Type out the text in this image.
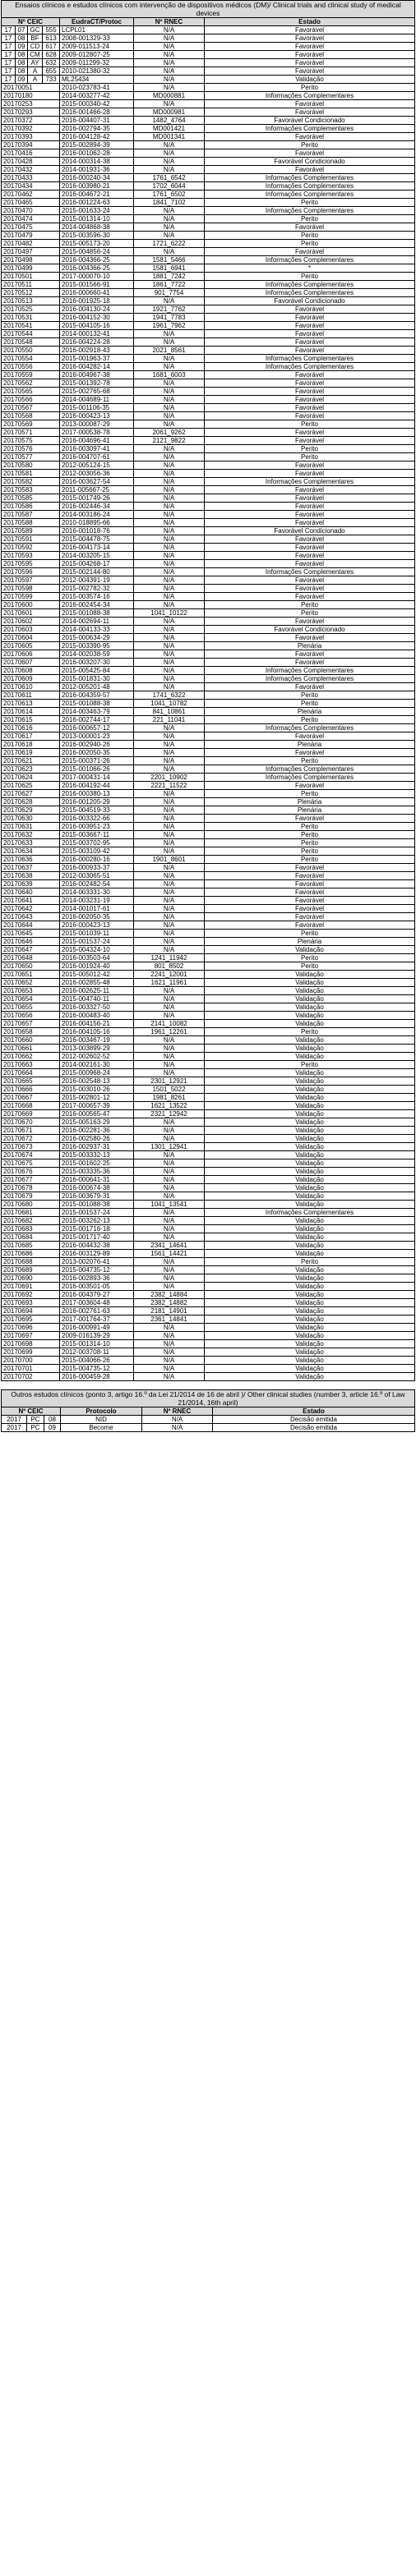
Ensaios clínicos e estudos clínicos com intervenção de dispositivos médicos (DM)/ Clinical trials and clinical study of medical devices						
Nº CEIC				EudraCT/Protoc	Nº RNEC	Estado
17	07	GC	555	LCPL01	N/A	Favorável
17	08	BF	613	2008-001329-33	N/A	Favorável
17	09	CD	617	2009-011513-24	N/A	Favorável
17	08	CM	628	2009-012807-25	N/A	Favorável
17	08	AY	632	2009-011299-32	N/A	Favorável
17	08	A	655	2010-021380-32	N/A	Favorável
17	09	A	733	ML25434	N/A	Validação
20170051				2010-023783-41	N/A	Perito
20170180				2014-003277-42	MD000881	Informações Complementares
20170253				2015-000340-42	N/A	Favorável
20170293				2016-001466-28	MD000981	Favorável
20170372				2016-004407-31	1482_4764	Favorável Condicionado
20170392				2016-002794-35	MD001421	Informações Complementares
20170393				2016-004128-42	MD001341	Favorável
20170394				2015-002894-39	N/A	Perito
20170416				2016-001062-28	N/A	Favorável
20170428				2014-000314-38	N/A	Favorável Condicionado
20170432				2014-001931-36	N/A	Favorável
20170433				2016-000240-34	1761_6542	Informações Complementares
20170434				2016-003980-21	1702_6044	Informações Complementares
20170462				2016-004672-21	1761_6502	Informações Complementares
20170465				2016-001224-63	1841_7102	Perito
20170470				2015-001633-24	N/A	Informações Complementares
20170474				2015-001314-10	N/A	Perito
20170475				2014-004868-38	N/A	Favorável
20170479				2015-003596-30	N/A	Perito
20170482				2015-005173-20	1721_6222	Perito
20170497				2015-004856-24	N/A	Favorável
20170498				2016-004366-25	1581_5466	Informações Complementares
20170499				2016-004366-25	1581_6941	*
20170501				2017-000070-10	1881_7242	Perito
20170511				2015-001566-91	1861_7722	Informações Complementares
20170512				2016-000660-41	901_7754	Informações Complementares
20170513				2016-001925-18	N/A	Favorável Condicionado
20170525				2016-004130-24	1921_7762	Favorável
20170531				2016-004152-30	1941_7783	Favorável
20170541				2015-004105-16	1961_7962	Favorável
20170544				2014-000132-41	N/A	Favorável
20170548				2016-004224-28	N/A	Favorável
20170550				2016-002918-43	2021_8561	Favorável
20170554				2015-001963-37	N/A	Informações Complementares
20170556				2016-004282-14	N/A	Informações Complementares
20170559				2016-004967-38	1681_6003	Favorável
20170562				2015-001392-78	N/A	Favorável
20170565				2015-002765-68	N/A	Favorável
20170566				2014-004689-11	N/A	Favorável
20170567				2015-001106-35	N/A	Favorável
20170568				2016-000423-13	N/A	Favorável
20170569				2013-000087-29	N/A	Perito
20170571				2017-000538-78	2061_9262	Favorável
20170575				2016-004696-41	2121_9822	Favorável
20170576				2016-003097-41	N/A	Perito
20170577				2016-004707-61	N/A	Perito
20170580				2012-005124-15	N/A	Favorável
20170581				2012-003056-36	N/A	Favorável
20170582				2016-003627-54	N/A	Informações Complementares
20170583				2011-005667-25	N/A	Favorável
20170585				2015-001749-26	N/A	Favorável
20170586				2016-002446-34	N/A	Favorável
20170587				2014-003186-24	N/A	Favorável
20170588				2010-018895-66	N/A	Favorável
20170589				2016-001018-76	N/A	Favorável Condicionado
20170591				2015-004478-75	N/A	Favorável
20170592				2016-004173-14	N/A	Favorável
20170593				2014-003205-15	N/A	Favorável
20170595				2015-004268-17	N/A	Favorável
20170596				2015-002144-80	N/A	Informações Complementares
20170597				2012-004391-19	N/A	Favorável
20170598				2015-002782-32	N/A	Favorável
20170599				2015-003574-16	N/A	Favorável
20170600				2016-002454-34	N/A	Perito
20170601				2015-001088-38	1041_10122	Perito
20170602				2014-002694-11	N/A	Favorável
20170603				2014-004133-33	N/A	Favorável Condicionado
20170604				2015-000634-29	N/A	Favorável
20170605				2015-003390-95	N/A	Plenária
20170606				2014-002038-59	N/A	Favorável
20170607				2016-003207-30	N/A	Favorável
20170608				2015-005425-84	N/A	Informações Complementares
20170609				2015-001831-30	N/A	Informações Complementares
20170610				2012-005201-48	N/A	Favorável
20170611				2016-004359-57	1741_6322	Perito
20170613				2015-001088-38	1041_10782	Perito
20170614				2014-003463-79	841_10861	Plenária
20170615				2016-002744-17	221_11041	Perito
20170616				2016-000657-12	N/A	Informações Complementares
20170617				2013-000001-23	N/A	Favorável
20170618				2016-002940-26	N/A	Plenária
20170619				2016-002050-35	N/A	Favorável
20170621				2015-000371-26	N/A	Perito
20170623				2015-001066-26	N/A	Informações Complementares
20170624				2017-000431-14	2201_10902	Informações Complementares
20170625				2016-004192-44	2221_11522	Favorável
20170627				2016-000380-13	N/A	Perito
20170628				2016-001205-29	N/A	Plenária
20170629				2015-004519-33	N/A	Plenária
20170630				2016-003322-66	N/A	Favorável
20170631				2016-003951-23	N/A	Perito
20170632				2015-003667-11	N/A	Perito
20170633				2015-003702-95	N/A	Perito
20170634				2015-003109-42	N/A	Perito
20170636				2016-000280-16	1901_8601	Perito
20170637				2016-000933-37	N/A	Favorável
20170638				2012-003065-51	N/A	Favorável
20170639				2016-002482-54	N/A	Favorável
20170640				2014-003331-30	N/A	Favorável
20170641				2014-003231-19	N/A	Favorável
20170642				2014-001017-61	N/A	Favorável
20170643				2016-002050-35	N/A	Favorável
20170644				2016-000423-13	N/A	Favorável
20170645				2015-001039-11	N/A	Perito
20170646				2015-001537-24	N/A	Plenária
20170647				2015-004324-10	N/A	Validação
20170648				2016-003503-64	1241_11942	Perito
20170650				2016-001924-40	801_8502	Perito
20170651				2015-005012-42	2241_12001	Validação
20170652				2016-002855-48	1621_11961	Validação
20170653				2016-002625-11	N/A	Validação
20170654				2015-004740-11	N/A	Validação
20170655				2016-003327-50	N/A	Validação
20170656				2016-000483-40	N/A	Validação
20170657				2016-004156-21	2141_10082	Validação
20170658				2016-004105-16	1961_12261	Perito
20170660				2016-003467-19	N/A	Validação
20170661				2013-003899-29	N/A	Validação
20170662				2012-002602-52	N/A	Validação
20170663				2014-002161-30	N/A	Perito
20170664				2015-000968-24	N/A	Validação
20170665				2016-002548-13	2301_12921	Validação
20170666				2015-003010-26	1501_5022	Validação
20170667				2015-002801-12	1981_8261	Validação
20170668				2017-000657-39	1621_13522	Validação
20170669				2016-000565-47	2321_12942	Validação
20170670				2015-005163-29	N/A	Validação
20170671				2016-002281-36	N/A	Validação
20170672				2016-002580-26	N/A	Validação
20170673				2016-002937-31	1301_12941	Validação
20170674				2015-003332-13	N/A	Validação
20170675				2015-001602-25	N/A	Validação
20170676				2015-003335-36	N/A	Validação
20170677				2016-000641-31	N/A	Validação
20170678				2016-000674-38	N/A	Validação
20170679				2016-003679-31	N/A	Validação
20170680				2015-001088-38	1041_13541	Validação
20170681				2015-001537-24	N/A	Informações Complementares
20170682				2015-003262-13	N/A	Validação
20170683				2015-001716-18	N/A	Validação
20170684				2015-001717-40	N/A	Validação
20170685				2016-004432-38	2341_14641	Validação
20170686				2016-003129-89	1561_14421	Validação
20170688				2013-002076-41	N/A	Perito
20170689				2015-004735-12	N/A	Validação
20170690				2016-002893-36	N/A	Validação
20170691				2016-003501-05	N/A	Validação
20170692				2016-004379-27	2382_14884	Validação
20170693				2017-003604-48	2382_14882	Validação
20170694				2016-002761-63	2181_14901	Validação
20170695				2017-001764-37	2361_14841	Validação
20170696				2016-000991-49	N/A	Validação
20170697				2009-016139-29	N/A	Validação
20170698				2015-001314-10	N/A	Validação
20170699				2012-003708-11	N/A	Validação
20170700				2015-004066-26	N/A	Validação
20170701				2015-004735-12	N/A	Validação
20170702				2016-000459-28	N/A	Validação
Outros estudos clínicos (ponto 3, artigo 16.º da Lei 21/2014 de 16 de abril )/ Other clinical studies (number 3, article 16.º of Law 21/2014, 16th april)					
Nº CEIC			Protocolo	Nº RNEC	Estado
2017	PC	08	NID	N/A	Decisão emitida
2017	PC	09	Become	N/A	Decisão emitida
